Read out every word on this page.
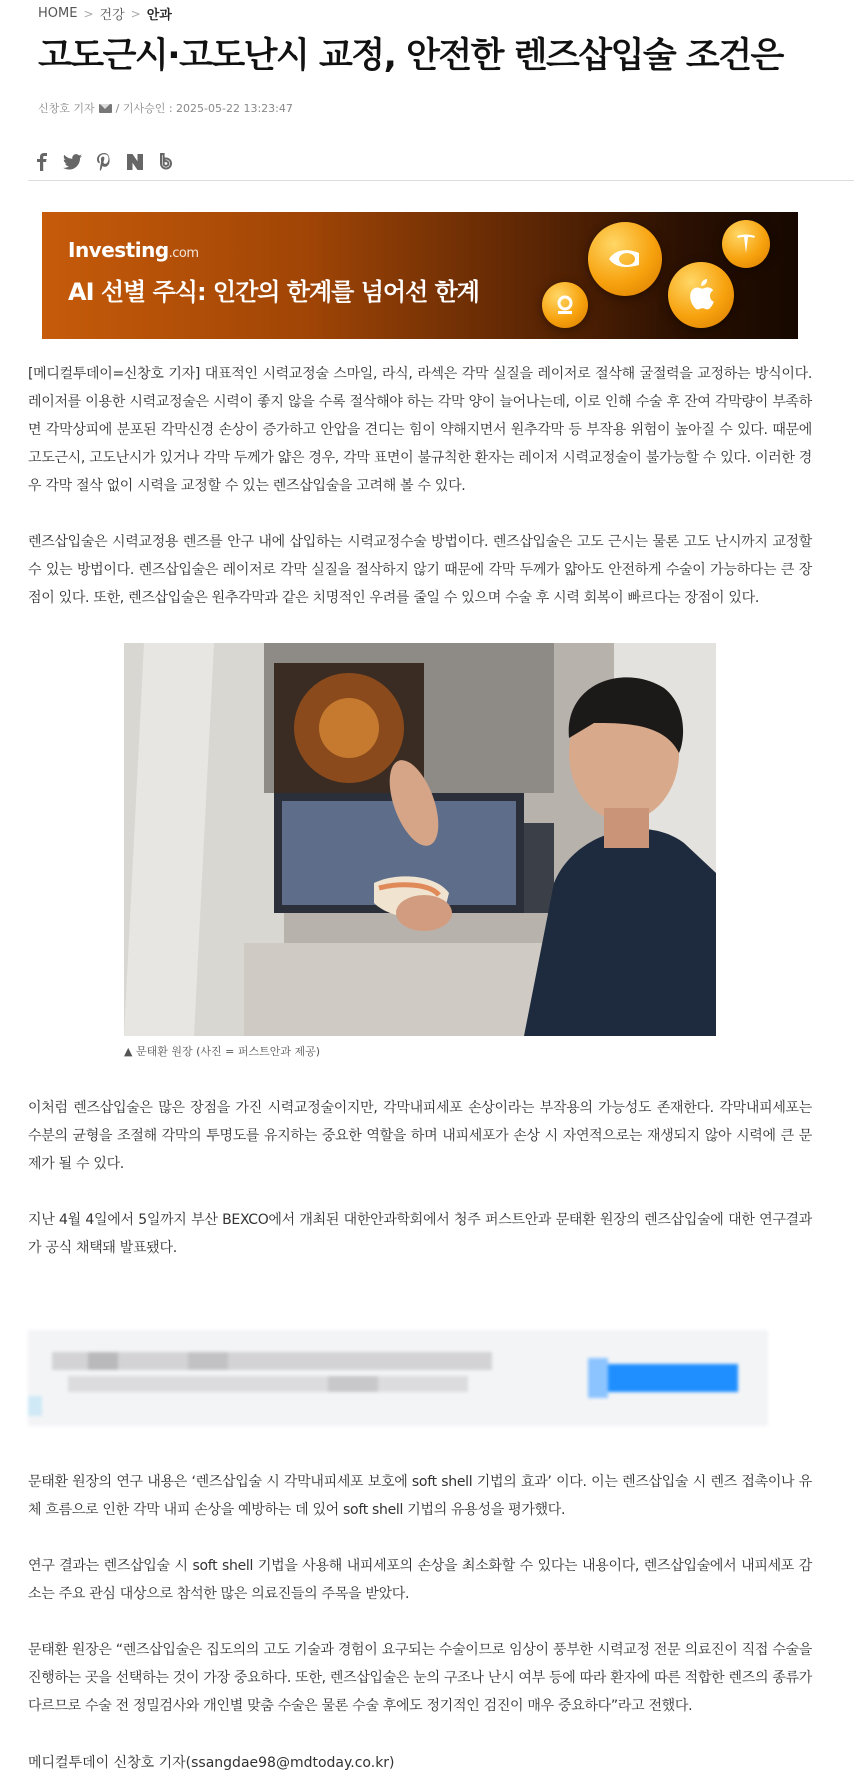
HOME > 건강 > 안과
고도근시·고도난시 교정, 안전한 렌즈삽입술 조건은
신창호 기자 / 기사승인 : 2025-05-22 13:23:47
Investing.com
AI 선별 주식: 인간의 한계를 넘어선 한계

[메디컬투데이=신창호 기자] 대표적인 시력교정술 스마일, 라식, 라섹은 각막 실질을 레이저로 절삭해 굴절력을 교정하는 방식이다. 레이저를 이용한 시력교정술은 시력이 좋지 않을 수록 절삭해야 하는 각막 양이 늘어나는데, 이로 인해 수술 후 잔여 각막량이 부족하면 각막상피에 분포된 각막신경 손상이 증가하고 안압을 견디는 힘이 약해지면서 원추각막 등 부작용 위험이 높아질 수 있다. 때문에 고도근시, 고도난시가 있거나 각막 두께가 얇은 경우, 각막 표면이 불규칙한 환자는 레이저 시력교정술이 불가능할 수 있다. 이러한 경우 각막 절삭 없이 시력을 교정할 수 있는 렌즈삽입술을 고려해 볼 수 있다.

렌즈삽입술은 시력교정용 렌즈를 안구 내에 삽입하는 시력교정수술 방법이다. 렌즈삽입술은 고도 근시는 물론 고도 난시까지 교정할 수 있는 방법이다. 렌즈삽입술은 레이저로 각막 실질을 절삭하지 않기 때문에 각막 두께가 얇아도 안전하게 수술이 가능하다는 큰 장점이 있다. 또한, 렌즈삽입술은 원추각막과 같은 치명적인 우려를 줄일 수 있으며 수술 후 시력 회복이 빠르다는 장점이 있다.

▲ 문태환 원장 (사진 = 퍼스트안과 제공)

이처럼 렌즈삽입술은 많은 장점을 가진 시력교정술이지만, 각막내피세포 손상이라는 부작용의 가능성도 존재한다. 각막내피세포는 수분의 균형을 조절해 각막의 투명도를 유지하는 중요한 역할을 하며 내피세포가 손상 시 자연적으로는 재생되지 않아 시력에 큰 문제가 될 수 있다.

지난 4월 4일에서 5일까지 부산 BEXCO에서 개최된 대한안과학회에서 청주 퍼스트안과 문태환 원장의 렌즈삽입술에 대한 연구결과가 공식 채택돼 발표됐다.

문태환 원장의 연구 내용은 ‘렌즈삽입술 시 각막내피세포 보호에 soft shell 기법의 효과’ 이다. 이는 렌즈삽입술 시 렌즈 접촉이나 유체 흐름으로 인한 각막 내피 손상을 예방하는 데 있어 soft shell 기법의 유용성을 평가했다.

연구 결과는 렌즈삽입술 시 soft shell 기법을 사용해 내피세포의 손상을 최소화할 수 있다는 내용이다, 렌즈삽입술에서 내피세포 감소는 주요 관심 대상으로 참석한 많은 의료진들의 주목을 받았다.

문태환 원장은 “렌즈삽입술은 집도의의 고도 기술과 경험이 요구되는 수술이므로 임상이 풍부한 시력교정 전문 의료진이 직접 수술을 진행하는 곳을 선택하는 것이 가장 중요하다. 또한, 렌즈삽입술은 눈의 구조나 난시 여부 등에 따라 환자에 따른 적합한 렌즈의 종류가 다르므로 수술 전 정밀검사와 개인별 맞춤 수술은 물론 수술 후에도 정기적인 검진이 매우 중요하다”라고 전했다.

메디컬투데이 신창호 기자(ssangdae98@mdtoday.co.kr)
